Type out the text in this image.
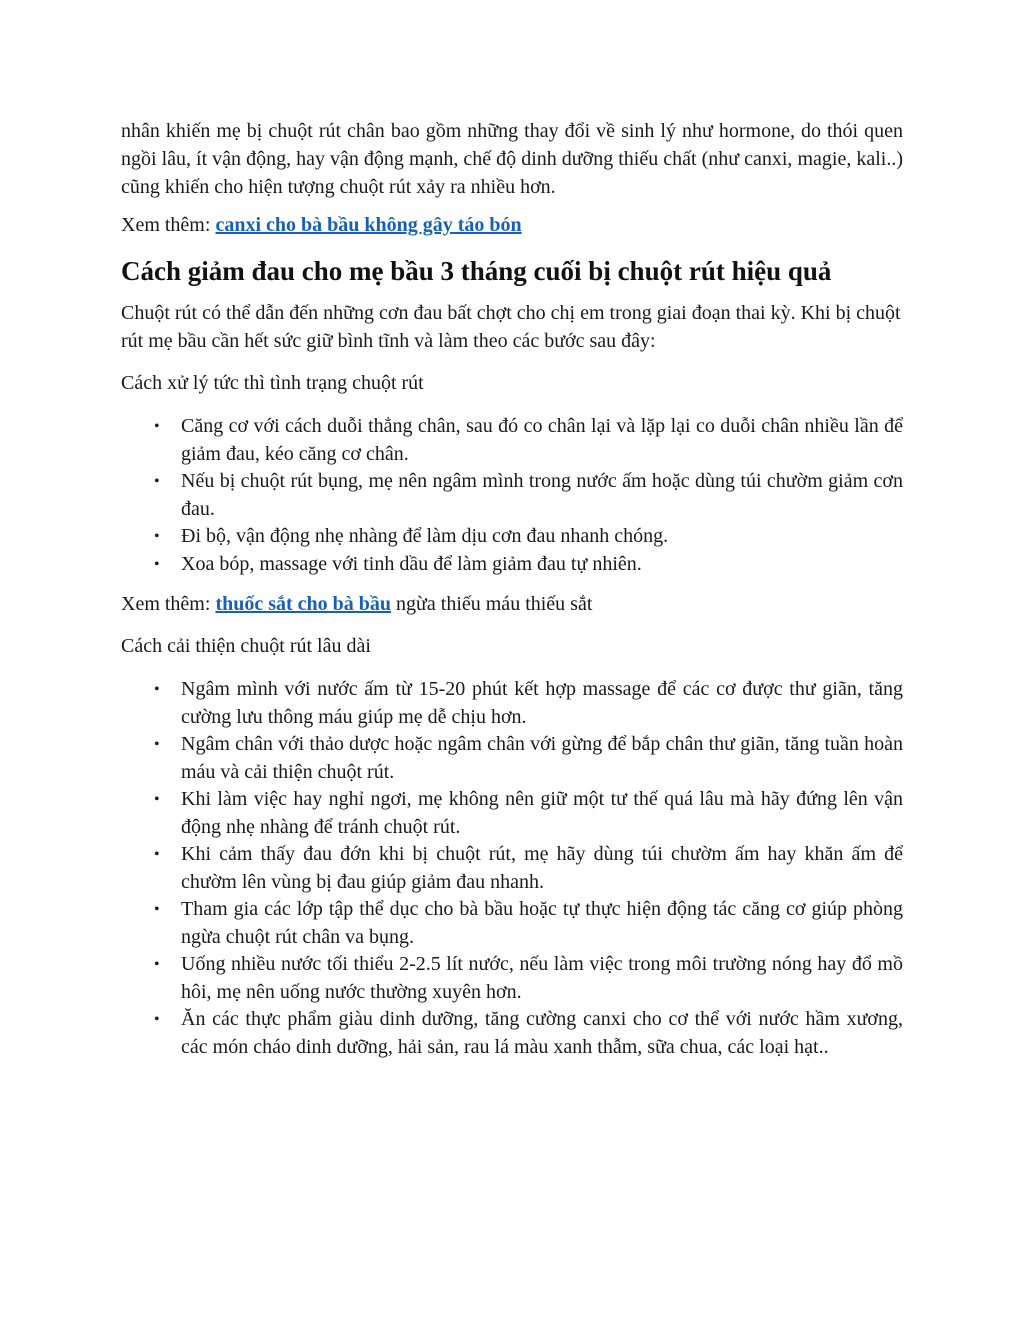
nhân khiến mẹ bị chuột rút chân bao gồm những thay đổi về sinh lý như hormone, do thói quen ngồi lâu, ít vận động, hay vận động mạnh, chế độ dinh dưỡng thiếu chất (như canxi, magie, kali..) cũng khiến cho hiện tượng chuột rút xảy ra nhiều hơn.

Xem thêm: canxi cho bà bầu không gây táo bón

Cách giảm đau cho mẹ bầu 3 tháng cuối bị chuột rút hiệu quả

Chuột rút có thể dẫn đến những cơn đau bất chợt cho chị em trong giai đoạn thai kỳ. Khi bị chuột rút mẹ bầu cần hết sức giữ bình tĩnh và làm theo các bước sau đây:

Cách xử lý tức thì tình trạng chuột rút

• Căng cơ với cách duỗi thẳng chân, sau đó co chân lại và lặp lại co duỗi chân nhiều lần để giảm đau, kéo căng cơ chân.
• Nếu bị chuột rút bụng, mẹ nên ngâm mình trong nước ấm hoặc dùng túi chườm giảm cơn đau.
• Đi bộ, vận động nhẹ nhàng để làm dịu cơn đau nhanh chóng.
• Xoa bóp, massage với tinh dầu để làm giảm đau tự nhiên.

Xem thêm: thuốc sắt cho bà bầu ngừa thiếu máu thiếu sắt

Cách cải thiện chuột rút lâu dài

• Ngâm mình với nước ấm từ 15-20 phút kết hợp massage để các cơ được thư giãn, tăng cường lưu thông máu giúp mẹ dễ chịu hơn.
• Ngâm chân với thảo dược hoặc ngâm chân với gừng để bắp chân thư giãn, tăng tuần hoàn máu và cải thiện chuột rút.
• Khi làm việc hay nghỉ ngơi, mẹ không nên giữ một tư thế quá lâu mà hãy đứng lên vận động nhẹ nhàng để tránh chuột rút.
• Khi cảm thấy đau đớn khi bị chuột rút, mẹ hãy dùng túi chườm ấm hay khăn ấm để chườm lên vùng bị đau giúp giảm đau nhanh.
• Tham gia các lớp tập thể dục cho bà bầu hoặc tự thực hiện động tác căng cơ giúp phòng ngừa chuột rút chân va bụng.
• Uống nhiều nước tối thiểu 2-2.5 lít nước, nếu làm việc trong môi trường nóng hay đổ mồ hôi, mẹ nên uống nước thường xuyên hơn.
• Ăn các thực phẩm giàu dinh dưỡng, tăng cường canxi cho cơ thể với nước hầm xương, các món cháo dinh dưỡng, hải sản, rau lá màu xanh thẫm, sữa chua, các loại hạt..
